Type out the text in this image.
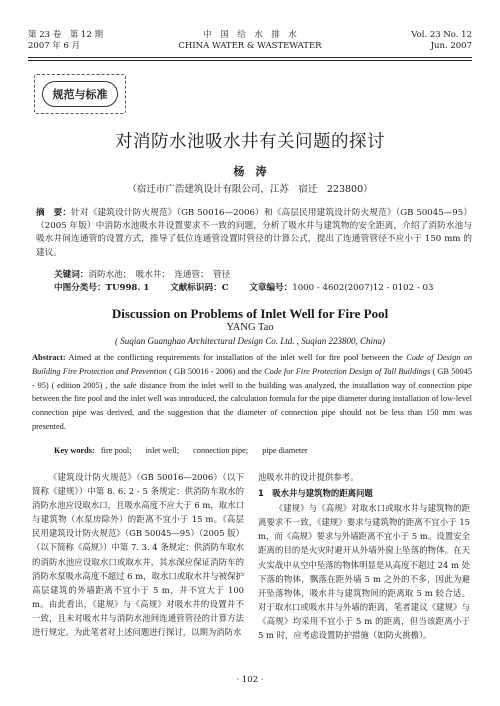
第 23 卷　第 12 期
2007 年 6 月
中　国　给　水　排　水
CHINA WATER & WASTEWATER
Vol. 23 No. 12
Jun. 2007
规范与标准
对消防水池吸水井有关问题的探讨
杨　涛
（宿迁市广浩建筑设计有限公司，江苏　宿迁　223800）
摘　要：针对《建筑设计防火规范》（GB 50016—2006）和《高层民用建筑设计防火规范》（GB 50045—95）（2005 年版）中消防水池吸水井设置要求不一致的问题，分析了吸水井与建筑物的安全距离，介绍了消防水池与吸水井间连通管的设置方式，推导了低位连通管设置时管径的计算公式，提出了连通管管径不应小于 150 mm 的建议。
关键词：消防水池；　吸水井；　连通管；　管径
中图分类号：TU998. 1 文献标识码：C 文章编号：1000 - 4602(2007)12 - 0102 - 03
Discussion on Problems of Inlet Well for Fire Pool
YANG Tao
( Suqian Guanghao Architectural Design Co. Ltd. , Suqian 223800, China)
Abstract: Aimed at the conflicting requirements for installation of the inlet well for fire pool between the Code of Design on Building Fire Protection and Prevention ( GB 50016 - 2006) and the Code for Fire Protection Design of Tall Buildings ( GB 50045 - 95) ( edition 2005) , the safe distance from the inlet well to the building was analyzed, the installation way of connection pipe between the fire pool and the inlet well was introduced, the calculation formula for the pipe diameter during installation of low-level connection pipe was derived, and the suggestion that the diameter of connection pipe should not be less than 150 mm was presented.
Key words: fire pool; inlet well; connection pipe; pipe diameter

《建筑设计防火规范》（GB 50016—2006）（以下简称《建规》）中第 8. 6. 2 - 5 条规定：供消防车取水的消防水池应设取水口，且吸水高度不应大于 6 m，取水口与建筑物（水泵房除外）的距离不宜小于 15 m。《高层民用建筑设计防火规范》（GB 50045—95）（2005 版）（以下简称《高规》）中第 7. 3. 4 条规定：供消防车取水的消防水池应设取水口或取水井，其水深应保证消防车的消防水泵吸水高度不超过 6 m，取水口或取水井与被保护高层建筑的外墙距离不宜小于 5 m，并不宜大于 100 m。由此看出，《建规》与《高规》对吸水井的设置并不一致，且未对吸水井与消防水池间连通管管径的计算方法进行规定。为此笔者对上述问题进行探讨，以期为消防水

池吸水井的设计提供参考。

1　吸水井与建筑物的距离问题

《建规》与《高规》对取水口或取水井与建筑物的距离要求不一致，《建规》要求与建筑物的距离不宜小于 15 m，而《高规》要求与外墙距离不宜小于 5 m。设置安全距离的目的是火灾时避开从外墙外窗上坠落的物体。在天火实战中从空中坠落的物体明显是从高度不超过 24 m 处下落的物体，飘落在距外墙 5 m 之外的不多，因此为避开坠落物体，吸水井与建筑物间的距离取 5 m 较合适。对于取水口或吸水井与外墙的距离，笔者建议《建规》与《高规》均采用不宜小于 5 m 的距离，但当该距离小于 5 m 时，应考虑设置防护措施（如防火挑檐）。

· 102 ·
